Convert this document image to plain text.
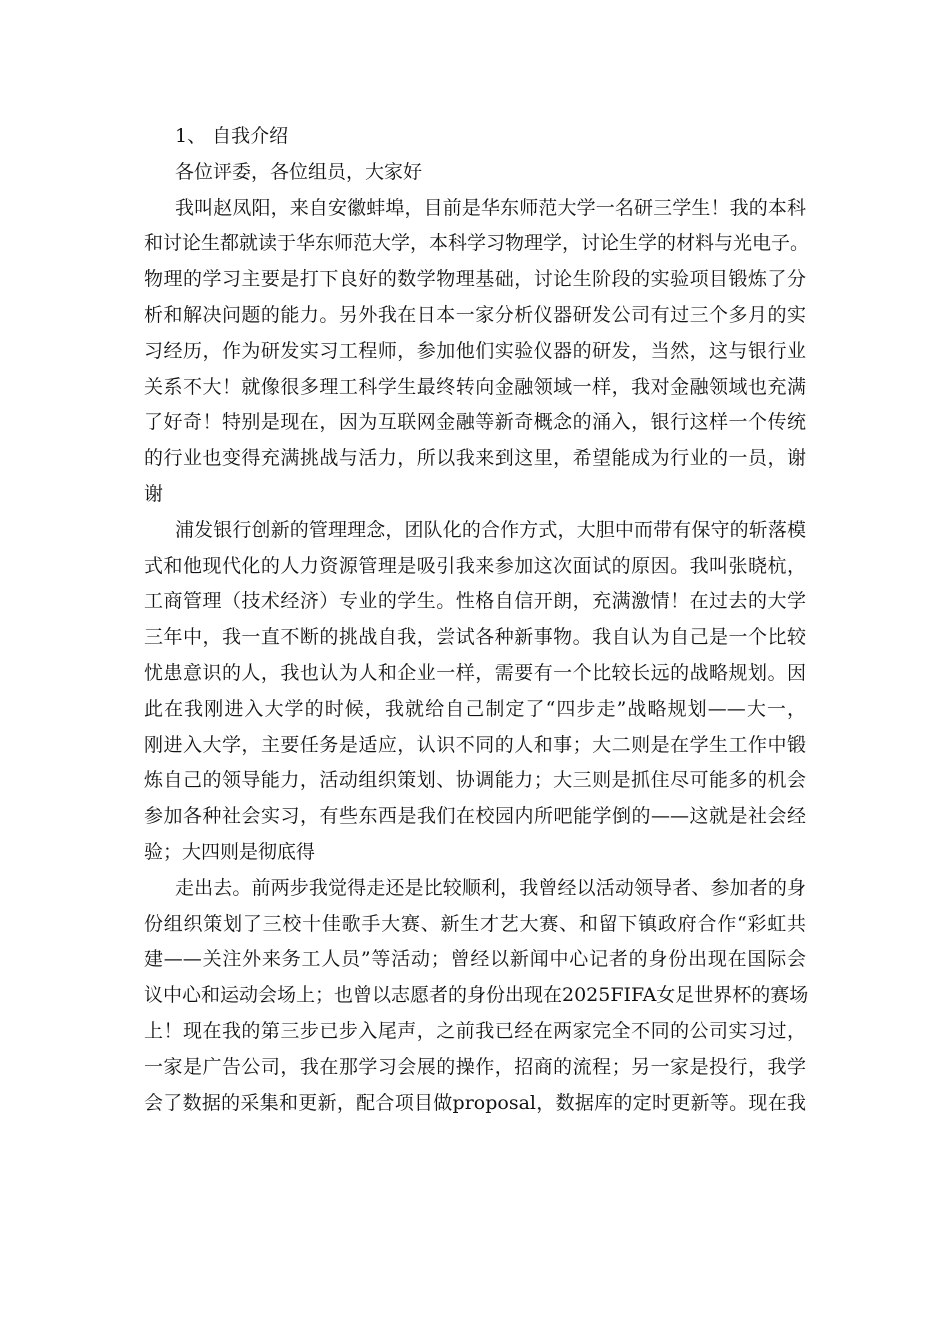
1、 自我介绍
各位评委，各位组员，大家好
我叫赵凤阳，来自安徽蚌埠，目前是华东师范大学一名研三学生！我的本科
和讨论生都就读于华东师范大学，本科学习物理学，讨论生学的材料与光电子。
物理的学习主要是打下良好的数学物理基础，讨论生阶段的实验项目锻炼了分
析和解决问题的能力。另外我在日本一家分析仪器研发公司有过三个多月的实
习经历，作为研发实习工程师，参加他们实验仪器的研发，当然，这与银行业
关系不大！就像很多理工科学生最终转向金融领域一样，我对金融领域也充满
了好奇！特别是现在，因为互联网金融等新奇概念的涌入，银行这样一个传统
的行业也变得充满挑战与活力，所以我来到这里，希望能成为行业的一员，谢
谢
浦发银行创新的管理理念，团队化的合作方式，大胆中而带有保守的斩落模
式和他现代化的人力资源管理是吸引我来参加这次面试的原因。我叫张晓杭，
工商管理（技术经济）专业的学生。性格自信开朗，充满激情！在过去的大学
三年中，我一直不断的挑战自我，尝试各种新事物。我自认为自己是一个比较
忧患意识的人，我也认为人和企业一样，需要有一个比较长远的战略规划。因
此在我刚进入大学的时候，我就给自己制定了“四步走”战略规划——大一，
刚进入大学，主要任务是适应，认识不同的人和事；大二则是在学生工作中锻
炼自己的领导能力，活动组织策划、协调能力；大三则是抓住尽可能多的机会
参加各种社会实习，有些东西是我们在校园内所吧能学倒的——这就是社会经
验；大四则是彻底得
走出去。前两步我觉得走还是比较顺利，我曾经以活动领导者、参加者的身
份组织策划了三校十佳歌手大赛、新生才艺大赛、和留下镇政府合作“彩虹共
建——关注外来务工人员”等活动；曾经以新闻中心记者的身份出现在国际会
议中心和运动会场上；也曾以志愿者的身份出现在2025FIFA女足世界杯的赛场
上！现在我的第三步已步入尾声，之前我已经在两家完全不同的公司实习过，
一家是广告公司，我在那学习会展的操作，招商的流程；另一家是投行，我学
会了数据的采集和更新，配合项目做proposal，数据库的定时更新等。现在我
